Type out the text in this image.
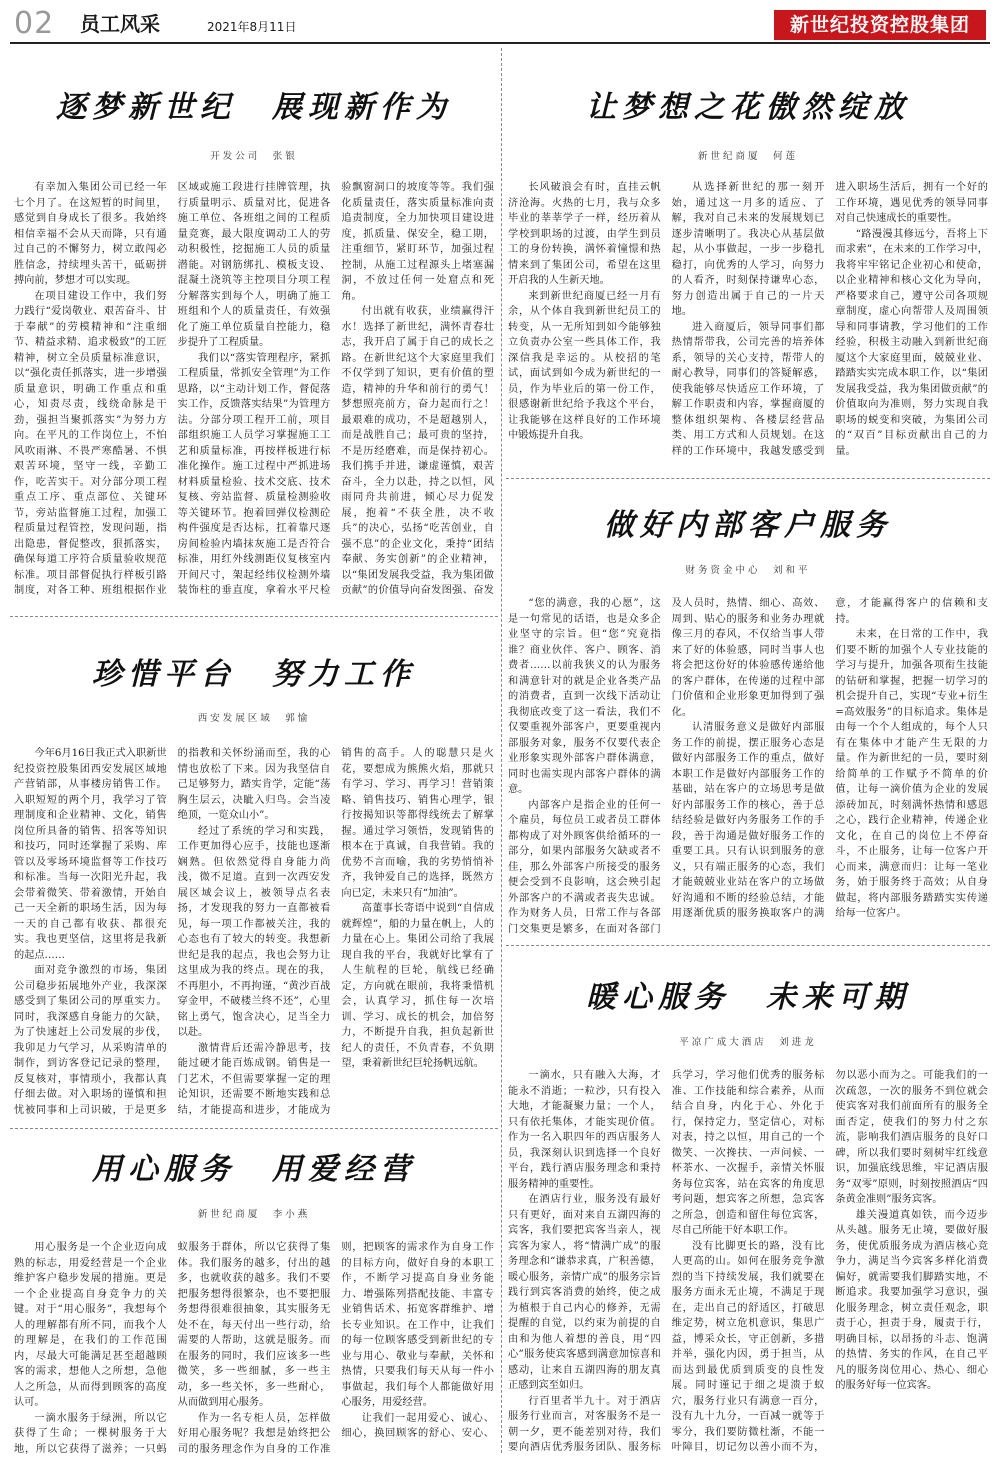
02 员工风采	2021年8月11日	新世纪投资控股集团
逐梦新世纪　展现新作为
开发公司　张银

有幸加入集团公司已经一年七个月了。在这短暂的时间里，感觉到自身成长了很多。我始终相信幸福不会从天而降，只有通过自己的不懈努力，树立敢闯必胜信念，持续埋头苦干，砥砺拼搏向前，梦想才可以实现。

在项目建设工作中，我们努力践行“爱岗敬业、艰苦奋斗、甘于奉献”的劳模精神和“注重细节、精益求精、追求极致”的工匠精神，树立全员质量标准意识，以“强化责任抓落实，进一步增强质量意识，明确工作重点和重心，知责尽责，线绕命脉是干劲，强担当聚抓落实”为努力方向。在平凡的工作岗位上，不怕风吹雨淋、不畏严寒酷暑、不惧艰苦环境，坚守一线，辛勤工作，吃苦实干。对分部分项工程重点工序、重点部位、关键环节，旁站监督施工过程，加强工程质量过程管控，发现问题，指出隐患，督促整改，狠抓落实，确保每道工序符合质量验收规范标准。项目部督促执行样板引路制度，对各工种、班组根据作业区域或施工段进行挂牌管理，执行质量明示、质量对比，促进各施工单位、各班组之间的工程质量竞赛，最大限度调动工人的劳动积极性，挖掘施工人员的质量潜能。对钢筋绑扎、模板支设、混凝土浇筑等主控项目分项工程分解落实到每个人，明确了施工班组和个人的质量责任，有效强化了施工单位质量自控能力，稳步提升了工程质量。

我们以“落实管理程序，紧抓工程质量，常抓安全管理”为工作思路，以“主动计划工作，督促落实工作，反馈落实结果”为管理方法。分部分项工程开工前，项目部组织施工人员学习掌握施工工艺和质量标准，再按样板进行标准化操作。施工过程中严抓进场材料质量检验、技术交底、技术复核、旁站监督、质量检测验收等关键环节。抱着回弹仪检测砼构件强度是否达标，扛着靠尺逐房间检验内墙抹灰施工是否符合标准，用红外线测距仪复核室内开间尺寸，架起经纬仪检测外墙装饰柱的垂直度，拿着水平尺检验飘窗洞口的坡度等等。我们强化质量责任，落实质量标准向责追责制度，全力加快项目建设进度，抓质量、保安全，稳工期，注重细节，紧盯环节，加强过程控制，从施工过程源头上堵塞漏洞，不放过任何一处窟点和死角。

付出就有收获，业绩赢得汗水！选择了新世纪，满怀青春壮志，我开启了属于自己的成长之路。在新世纪这个大家庭里我们不仅学到了知识，更有价值的塑造，精神的升华和前行的勇气！梦想照亮前方，奋力起而行之！最艰难的成功，不是超越别人，而是战胜自己；最可贵的坚持，不是历经磨难，而是保持初心。我们携手并进，谦虚谨慎，艰苦奋斗，全力以赴，持之以恒，风雨同舟共前进，倾心尽力促发展，抱着“不获全胜，决不收兵”的决心，弘扬“吃苦创业，自强不息”的企业文化，秉持“团结奉献、务实创新”的企业精神，以“集团发展我受益，我为集团做贡献”的价值导向奋发图强、奋发

珍惜平台　努力工作
西安发展区域　郭愉

今年6月16日我正式入职新世纪投资控股集团西安发展区域地产营销部，从事楼房销售工作。入职短短的两个月，我学习了管理制度和企业精神、文化，销售岗位所具备的销售、招客等知识和技巧，同时还掌握了采购、库管以及零场环境监督等工作技巧和标准。当每一次阳光升起，我会带着微笑、带着激情，开始自己一天全新的职场生活，因为每一天的自己都有收获、都很充实。我也更坚信，这里将是我新的起点……

面对竞争激烈的市场，集团公司稳步拓展地外产业，我深深感受到了集团公司的厚重实力。同时，我深感自身能力的欠缺，为了快速赶上公司发展的步伐，我卯足力气学习，从采购清单的制作，到访客登记记录的整理，反复核对，事情琐小，我都认真仔细去做。对入职场的谨慎和担忧被同事和上司识破，于是更多的指教和关怀纷涌而至，我的心情也放松了下来。因为我坚信自己足够努力，踏实肯学，定能“荡胸生层云，决眦入归鸟。会当凌绝顶，一览众山小”。

经过了系统的学习和实践，工作更加得心应手，技能也逐渐娴熟。但依然觉得自身能力尚浅，微不足道。直到一次西安发展区域会议上，被领导点名表扬，才发现我的努力一直都被看见，每一项工作都被关注，我的心态也有了较大的转变。我想新世纪是我的起点，我也会努力让这里成为我的终点。现在的我，不再胆小，不再拘谨，“黄沙百战穿金甲，不破楼兰终不还”，心里铭上勇气，饱含决心，足当全力以赴。

激情背后还需冷静思考，技能过硬才能百炼成钢。销售是一门艺术，不但需要掌握一定的理论知识，还需要不断地实践和总结，才能提高和进步，才能成为销售的高手。人的聪慧只是火花，要想成为熊熊火焰，那就只有学习、学习、再学习！营销策略、销售技巧、销售心理学，银行按揭知识等都得线统去了解掌握。通过学习领悟，发现销售的根本在于真诚，自我营销。我的优势不言而喻，我的劣势悄悄补齐，我钟爱自己的选择，既然方向已定，未来只有“加油”。

高董事长寄语中说到“自信成就辉煌”，船的力量在帆上，人的力量在心上。集团公司给了我展现自我的平台，我就好比掌有了人生航程的巨轮，航线已经确定，方向就在眼前，我将秉惜机会，认真学习，抓住每一次培训、学习、成长的机会，加倍努力，不断提升自我，担负起新世纪人的责任，不负青春，不负期望，秉着新世纪巨轮扬帆远航。

用心服务　用爱经营
新世纪商厦　李小燕

用心服务是一个企业迈向成熟的标志，用爱经营是一个企业维护客户稳步发展的措施。更是一个企业提高自身竞争力的关键。对于“用心服务”，我想每个人的理解都有所不同，而我个人的理解是，在我们的工作范围内，尽最大可能满足甚至超越顾客的需求，想他人之所想，急他人之所急，从而得到顾客的高度认可。

一滴水服务于绿洲，所以它获得了生命；一棵树服务于大地，所以它获得了滋养；一只蚂蚁服务于群体，所以它获得了集体。我们服务的越多，付出的越多，也就收获的越多。我们不要把服务想得很繁杂，也不要把服务想得很难很抽象，其实服务无处不在，每天付出一些行动，给需要的人帮助，这就是服务。而在服务的同时，我们应该多一些微笑，多一些细腻，多一些主动，多一些关怀，多一些耐心，从而做到用心服务。

作为一名专柜人员，怎样做好用心服务呢？我想是始终把公司的服务理念作为自身的工作准则，把顾客的需求作为自身工作的目标方向，做好自身的本职工作，不断学习提高自身业务能力、增强陈列搭配技能、丰富专业销售话术、拓宽客群维护、增长专业知识。在工作中，让我们的每一位顾客感受到新世纪的专业与用心、敬业与奉献，关怀和热情，只要我们每天从每一件小事做起，我们每个人都能做好用心服务，用爱经营。

让我们一起用爱心、诚心、细心，换回顾客的舒心、安心、

让梦想之花傲然绽放
新世纪商厦　何莲

长风破浪会有时，直挂云帆济沧海。火热的七月，我与众多毕业的莘莘学子一样，经历着从学校到职场的过渡，由学生到员工的身份转换，满怀着憧憬和热情来到了集团公司，希望在这里开启我的人生新天地。

来到新世纪商厦已经一月有余，从个体自我到新世纪员工的转变，从一无所知到如今能够独立负责办公室一些具体工作，我深信我是幸运的。从校招的笔试，面试到如今成为新世纪的一员，作为毕业后的第一份工作，很感谢新世纪给予我这个平台，让我能够在这样良好的工作环境中锻炼提升自我。

从选择新世纪的那一刻开始，通过这一月多的适应、了解，我对自己未来的发展规划已逐步清晰明了。我决心从基层做起，从小事做起，一步一步稳扎稳打，向优秀的人学习，向努力的人看齐，时刻保持谦卑心态，努力创造出属于自己的一片天地。

进入商厦后，领导同事们都热情帮带我，公司完善的培养体系，领导的关心支持，帮带人的耐心教导，同事们的答疑解惑，使我能够尽快适应工作环境，了解工作职责和内容，掌握商厦的整体组织架构、各楼层经营品类、用工方式和人员规划。在这样的工作环境中，我越发感受到进入职场生活后，拥有一个好的工作环境，遇见优秀的领导同事对自己快速成长的重要性。

“路漫漫其修远兮，吾将上下而求索”，在未来的工作学习中，我将牢牢铭记企业初心和使命，以企业精神和核心文化为导向，严格要求自己，遵守公司各项规章制度，虚心向帮带人及周围领导和同事请教，学习他们的工作经验，积极主动融入到新世纪商厦这个大家庭里面，兢兢业业、踏踏实实完成本职工作，以“集团发展我受益，我为集团做贡献”的价值取向为准则，努力实现自我职场的蜕变和突破，为集团公司的“双百”目标贡献出自己的力量。

做好内部客户服务
财务资金中心　刘和平

“您的满意，我的心愿”，这是一句常见的话语，也是众多企业坚守的宗旨。但“您”究竟指谁？商业伙伴、客户、顾客、消费者……以前我狭义的认为服务和满意针对的就是企业各类产品的消费者，直到一次线下活动让我彻底改变了这一看法，我们不仅要重视外部客户，更要重视内部服务对象，服务不仅要代表企业形象实现外部客户群体满意，同时也需实现内部客户群体的满意。

内部客户是指企业的任何一个雇员，每位员工或者员工群体都构成了对外顾客供给循环的一部分，如果内部服务欠缺或者不佳，那么外部客户所接受的服务便会受到不良影响，这会殃引起外部客户的不满或者丧失忠诚。作为财务人员，日常工作与各部门交集更是繁多，在面对各部门及人员时，热情、细心、高效、周到、贴心的服务和业务办理就像三月的春风，不仅给当事人带来了好的体验感，同时当事人也将会把这份好的体验感传递给他的客户群体，在传递的过程中部门价值和企业形象更加得到了强化。

认清服务意义是做好内部服务工作的前提，摆正服务心态是做好内部服务工作的重点，做好本职工作是做好内部服务工作的基础，站在客户的立场思考是做好内部服务工作的核心，善于总结经验是做好内务服务工作的手段，善于沟通是做好服务工作的重要工具。只有认识到服务的意义，只有端正服务的心态，我们才能兢兢业业站在客户的立场做好沟通和不断的经验总结，才能用逐渐优质的服务换取客户的满意，才能赢得客户的信赖和支持。

未来，在日常的工作中，我们要不断的加强个人专业技能的学习与提升，加强各项衔生技能的钻研和掌握，把握一切学习的机会提升自己，实现“专业+衍生=高效服务”的目标追求。集体是由每一个个人组成的，每个人只有在集体中才能产生无限的力量。作为新世纪的一员，要时刻给简单的工作赋予不简单的价值，让每一滴价值为企业的发展添砖加瓦，时刻满怀热情和感恩之心，践行企业精神，传递企业文化，在自己的岗位上不停奋斗，不止服务，让每一位客户开心而来，满意而归：让每一笔业务，始于服务终于高效；从自身做起，将内部服务踏踏实实传递给每一位客户。

暖心服务　未来可期
平凉广成大酒店　刘进龙

一滴水，只有融入大海，才能永不消逝；一粒沙，只有投入大地，才能凝聚力量；一个人，只有依托集体，才能实现价值。作为一名入职四年的西店服务人员，我深刻认识到选择一个良好平台，践行酒店服务理念和秉持服务精神的重要性。

在酒店行业，服务没有最好只有更好，面对来自五湖四海的宾客，我们要把宾客当亲人，视宾客为家人，将“情满广成”的服务理念和“谦恭求真，广积善德，暖心服务，亲情广成”的服务宗旨践行到宾客消费的始终，使之成为植根于自己内心的修养，无需提醒的自觉，以约束为前提的自由和为他人着想的善良，用“四心”服务使宾客感到满意加惊喜和感动，让来自五湖四海的朋友真正感到宾至如归。

行百里者半九十。对于酒店服务行业而言，对客服务不是一朝一夕，更不能差别对待，我们要向酒店优秀服务团队、服务标兵学习，学习他们优秀的服务标准、工作技能和综合素养，从而结合自身，内化于心、外化于行，保持定力，坚定信心，对标对表，持之以恒，用自己的一个微笑、一次搀扶、一声问候、一杯茶水、一次握手，亲情关怀服务每位宾客，站在宾客的角度思考问题，想宾客之所想，急宾客之所急，创造和留住每位宾客，尽自己所能干好本职工作。

没有比脚更长的路，没有比人更高的山。如何在服务竞争激烈的当下持续发展，我们就要在服务方面永无止境，不满足于现在，走出自己的舒适区，打破思维定势，树立危机意识，集思广益，博采众长，守正创新，多措并举，强化内因，勇于担当，从而达到最优质到质变的良性发展。同时谨记于细之堤溃于蚁穴，服务行业只有满意一百分，没有九十九分，一百减一就等于零分，我们要防微杜渐，不能一叶障目，切记勿以善小而不为，勿以恶小而为之。可能我们的一次疏忽，一次的服务不到位就会使宾客对我们前面所有的服务全面否定，使我们的努力付之东流，影响我们酒店服务的良好口碑，所以我们要时刻树牢红线意识，加强底线思维，牢记酒店服务“双零”原则，时刻按照酒店“四条黄金准则”服务宾客。

雄关漫道真如铁，而今迈步从头越。服务无止境，要做好服务，使优质服务成为酒店核心竞争力，满足当今宾客多样化消费偏好，就需要我们脚踏实地，不断追求。我要加强学习意识，强化服务理念，树立责任观念，职责于心，担责于身，履责于行，明确目标，以昂扬的斗志、饱满的热情、务实的作风，在自己平凡的服务岗位用心、热心、细心的服务好每一位宾客。
